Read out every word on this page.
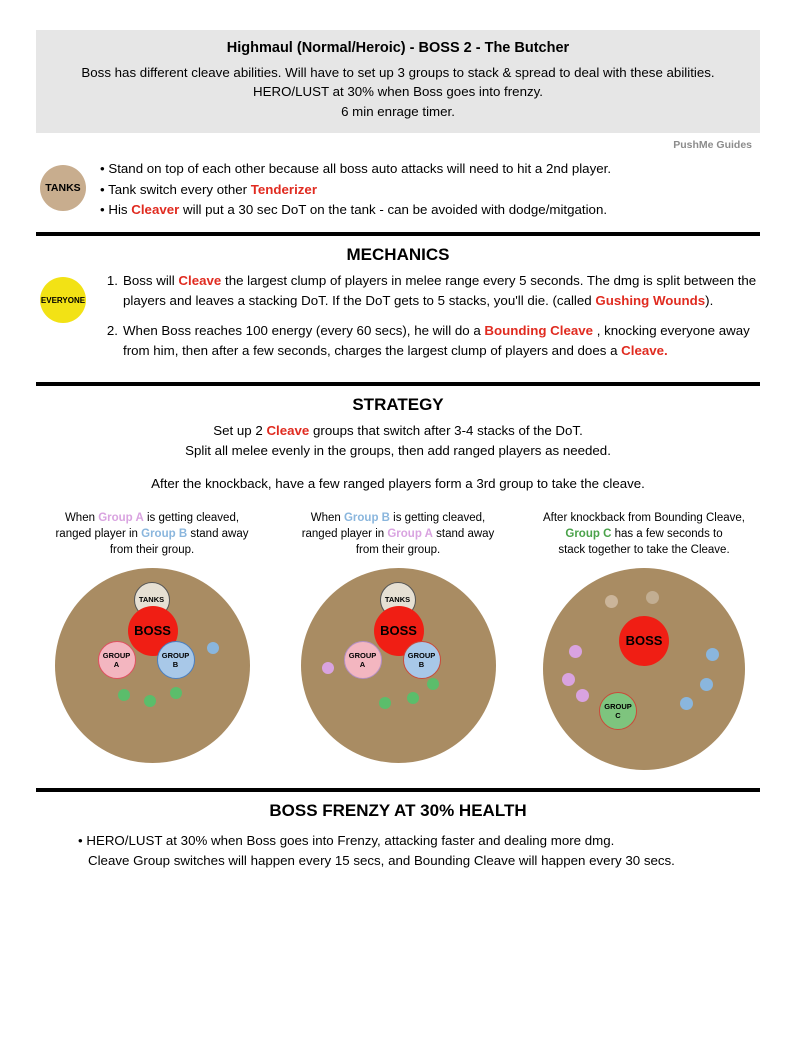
Highmaul (Normal/Heroic) - BOSS 2 - The Butcher
Boss has different cleave abilities. Will have to set up 3 groups to stack & spread to deal with these abilities.
HERO/LUST at 30% when Boss goes into frenzy.
6 min enrage timer.
PushMe Guides
TANKS
• Stand on top of each other because all boss auto attacks will need to hit a 2nd player.
• Tank switch every other Tenderizer
• His Cleaver will put a 30 sec DoT on the tank - can be avoided with dodge/mitgation.
MECHANICS
EVERYONE
1. Boss will Cleave the largest clump of players in melee range every 5 seconds. The dmg is split between the players and leaves a stacking DoT. If the DoT gets to 5 stacks, you'll die. (called Gushing Wounds).
2. When Boss reaches 100 energy (every 60 secs), he will do a Bounding Cleave , knocking everyone away from him, then after a few seconds, charges the largest clump of players and does a Cleave.
STRATEGY
Set up 2 Cleave groups that switch after 3-4 stacks of the DoT.
Split all melee evenly in the groups, then add ranged players as needed.
After the knockback, have a few ranged players form a 3rd group to take the cleave.
When Group A is getting cleaved,
ranged player in Group B stand away
from their group.
TANKS
BOSS
GROUP
A
GROUP
B
When Group B is getting cleaved,
ranged player in Group A stand away
from their group.
TANKS
BOSS
GROUP
A
GROUP
B
After knockback from Bounding Cleave,
Group C has a few seconds to
stack together to take the Cleave.
BOSS
GROUP
C
BOSS FRENZY AT 30% HEALTH
• HERO/LUST at 30% when Boss goes into Frenzy, attacking faster and dealing more dmg.
Cleave Group switches will happen every 15 secs, and Bounding Cleave will happen every 30 secs.
